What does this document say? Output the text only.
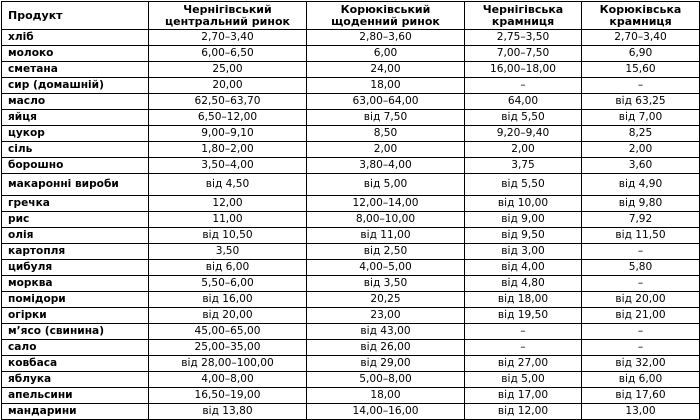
Продукт	Чернігівський центральний ринок	Корюківський щоденний ринок	Чернігівська крамниця	Корюківська крамниця
хліб	2,70–3,40	2,80–3,60	2,75–3,50	2,70–3,40
молоко	6,00–6,50	6,00	7,00–7,50	6,90
сметана	25,00	24,00	16,00–18,00	15,60
сир (домашній)	20,00	18,00	–	–
масло	62,50–63,70	63,00–64,00	64,00	від 63,25
яйця	6,50–12,00	від 7,50	від 5,50	від 7,00
цукор	9,00–9,10	8,50	9,20–9,40	8,25
сіль	1,80–2,00	2,00	2,00	2,00
борошно	3,50–4,00	3,80–4,00	3,75	3,60
макаронні вироби	від 4,50	від 5,00	від 5,50	від 4,90
гречка	12,00	12,00–14,00	від 10,00	від 9,80
рис	11,00	8,00–10,00	від 9,00	7,92
олія	від 10,50	від 11,00	від 9,50	від 11,50
картопля	3,50	від 2,50	від 3,00	–
цибуля	від 6,00	4,00–5,00	від 4,00	5,80
морква	5,50–6,00	від 3,50	від 4,80	–
помідори	від 16,00	20,25	від 18,00	від 20,00
огірки	від 20,00	23,00	від 19,50	від 21,00
м’ясо (свинина)	45,00–65,00	від 43,00	–	–
сало	25,00–35,00	від 26,00	–	–
ковбаса	від 28,00–100,00	від 29,00	від 27,00	від 32,00
яблука	4,00–8,00	5,00–8,00	від 5,00	від 6,00
апельсини	16,50–19,00	18,00	від 17,00	від 17,60
мандарини	від 13,80	14,00–16,00	від 12,00	13,00
